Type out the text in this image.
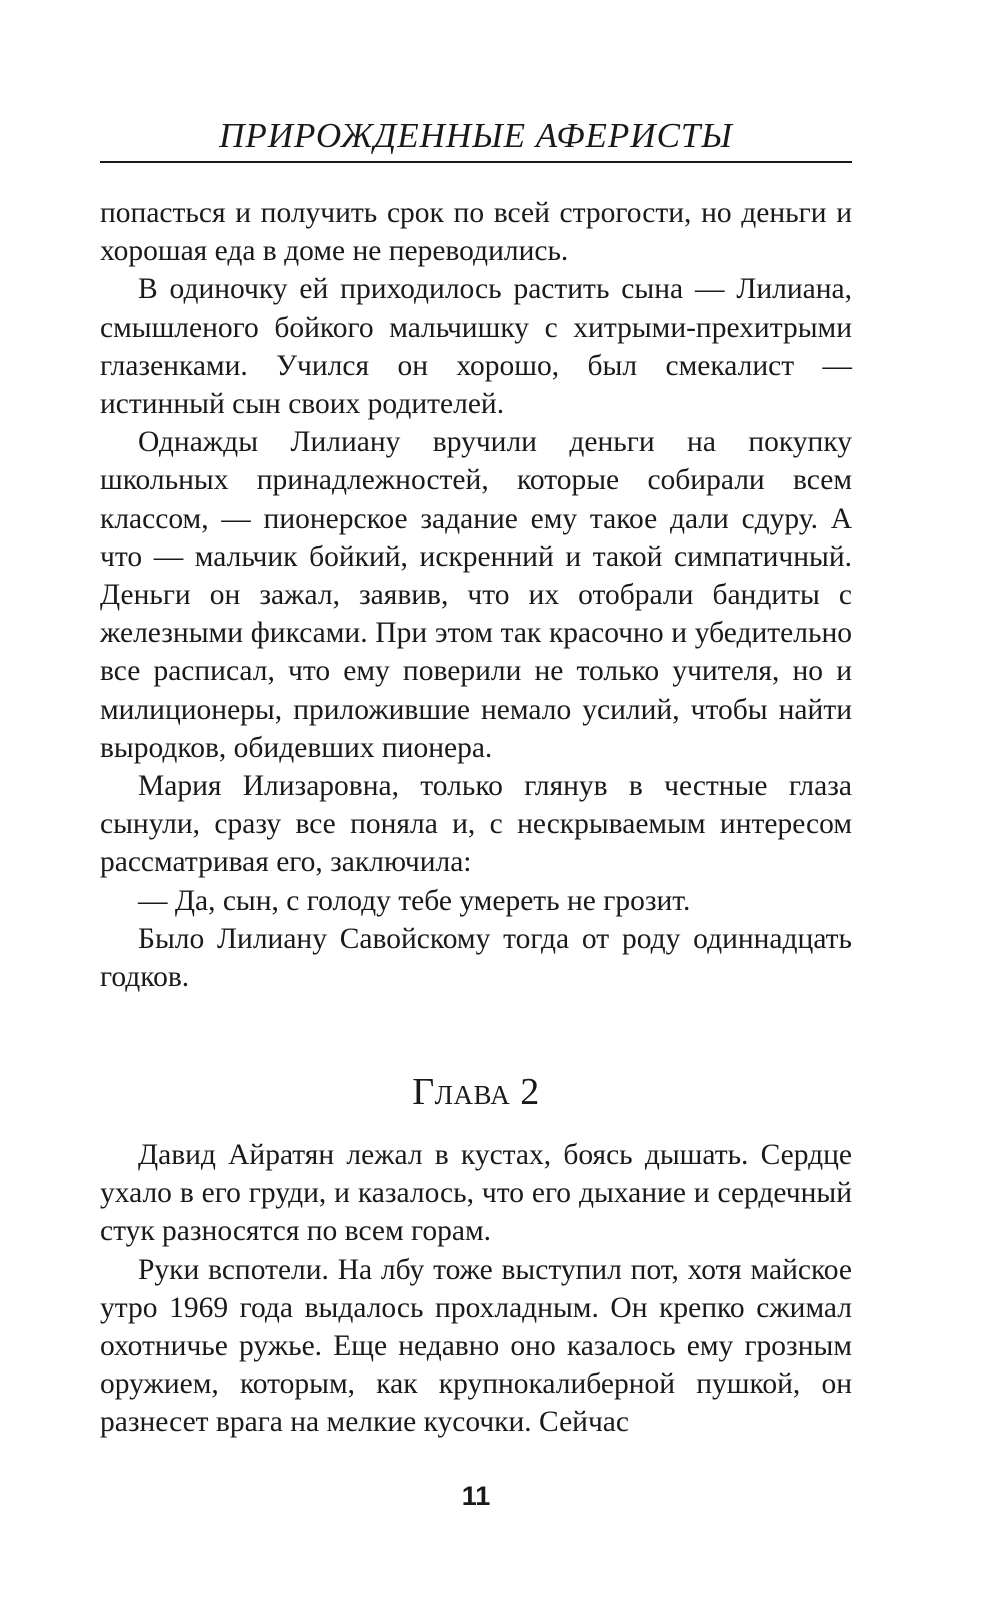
ПРИРОЖДЕННЫЕ АФЕРИСТЫ

попасться и получить срок по всей строгости, но деньги и хорошая еда в доме не переводились.

В одиночку ей приходилось растить сына — Лилиана, смышленого бойкого мальчишку с хитрыми-прехитрыми глазенками. Учился он хорошо, был смекалист — истинный сын своих родителей.

Однажды Лилиану вручили деньги на покупку школьных принадлежностей, которые собирали всем классом, — пионерское задание ему такое дали сдуру. А что — мальчик бойкий, искренний и такой симпатичный. Деньги он зажал, заявив, что их отобрали бандиты с железными фиксами. При этом так красочно и убедительно все расписал, что ему поверили не только учителя, но и милиционеры, приложившие немало усилий, чтобы найти выродков, обидевших пионера.

Мария Илизаровна, только глянув в честные глаза сынули, сразу все поняла и, с нескрываемым интересом рассматривая его, заключила:

— Да, сын, с голоду тебе умереть не грозит.

Было Лилиану Савойскому тогда от роду одиннадцать годков.

Глава 2

Давид Айратян лежал в кустах, боясь дышать. Сердце ухало в его груди, и казалось, что его дыхание и сердечный стук разносятся по всем горам.

Руки вспотели. На лбу тоже выступил пот, хотя майское утро 1969 года выдалось прохладным. Он крепко сжимал охотничье ружье. Еще недавно оно казалось ему грозным оружием, которым, как крупнокалиберной пушкой, он разнесет врага на мелкие кусочки. Сейчас

11
